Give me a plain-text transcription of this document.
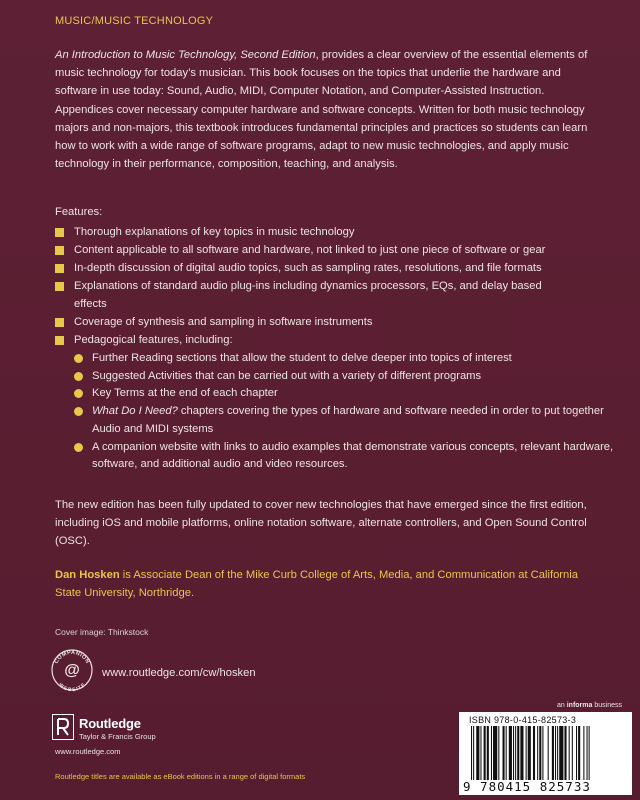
MUSIC/MUSIC TECHNOLOGY

An Introduction to Music Technology, Second Edition, provides a clear overview of the essential elements of music technology for today’s musician. This book focuses on the topics that underlie the hardware and software in use today: Sound, Audio, MIDI, Computer Notation, and Computer-Assisted Instruction. Appendices cover necessary computer hardware and software concepts. Written for both music technology majors and non-majors, this textbook introduces fundamental principles and practices so students can learn how to work with a wide range of software programs, adapt to new music technologies, and apply music technology in their performance, composition, teaching, and analysis.

Features:
Thorough explanations of key topics in music technology
Content applicable to all software and hardware, not linked to just one piece of software or gear
In-depth discussion of digital audio topics, such as sampling rates, resolutions, and file formats
Explanations of standard audio plug-ins including dynamics processors, EQs, and delay based effects
Coverage of synthesis and sampling in software instruments
Pedagogical features, including:
Further Reading sections that allow the student to delve deeper into topics of interest
Suggested Activities that can be carried out with a variety of different programs
Key Terms at the end of each chapter
What Do I Need? chapters covering the types of hardware and software needed in order to put together Audio and MIDI systems
A companion website with links to audio examples that demonstrate various concepts, relevant hardware, software, and additional audio and video resources.

The new edition has been fully updated to cover new technologies that have emerged since the first edition, including iOS and mobile platforms, online notation software, alternate controllers, and Open Sound Control (OSC).

Dan Hosken is Associate Dean of the Mike Curb College of Arts, Media, and Communication at California State University, Northridge.

Cover image: Thinkstock
COMPANION
WEBSITE
@ www.routledge.com/cw/hosken
Routledge
Taylor & Francis Group
www.routledge.com
Routledge titles are available as eBook editions in a range of digital formats
an informa business
ISBN 978-0-415-82573-3
9 780415 825733
